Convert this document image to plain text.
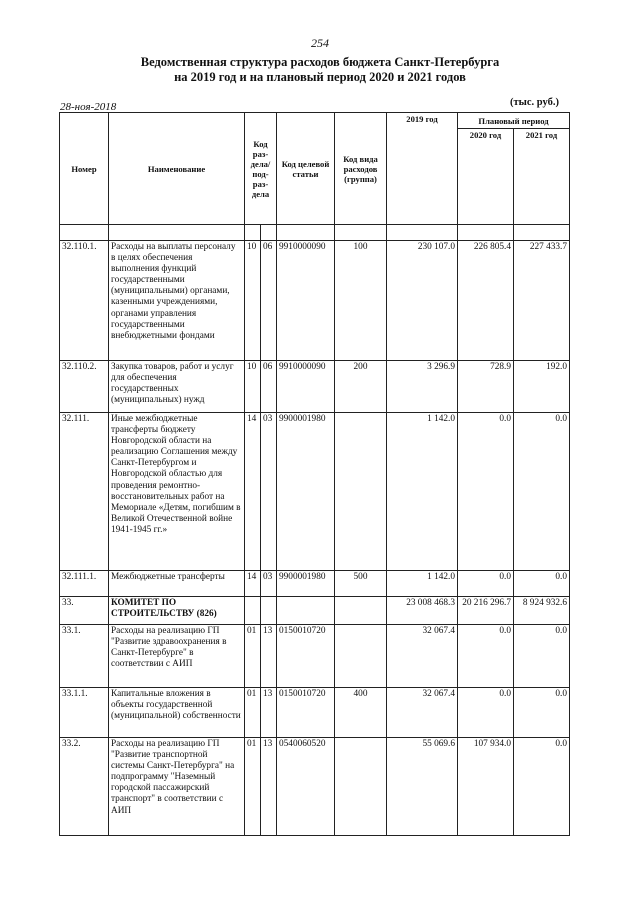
254
Ведомственная структура расходов бюджета Санкт-Петербурга
на 2019 год и на плановый период 2020 и 2021 годов
28-ноя-2018	(тыс. руб.)
Номер	Наименование	Код раз-дела/ под-раз-дела		Код целевой статьи	Код вида расходов (группа)	2019 год	Плановый период	
							2020 год	2021 год

32.110.1.	Расходы на выплаты персоналу в целях обеспечения выполнения функций государственными (муниципальными) органами, казенными учреждениями, органами управления государственными внебюджетными фондами	10	06	9910000090	100	230 107.0	226 805.4	227 433.7
32.110.2.	Закупка товаров, работ и услуг для обеспечения государственных (муниципальных) нужд	10	06	9910000090	200	3 296.9	728.9	192.0
32.111.	Иные межбюджетные трансферты бюджету Новгородской области на реализацию Соглашения между Санкт-Петербургом и Новгородской областью для проведения ремонтно-восстановительных работ на Мемориале «Детям, погибшим в Великой Отечественной войне 1941-1945 гг.»	14	03	9900001980		1 142.0	0.0	0.0
32.111.1.	Межбюджетные трансферты	14	03	9900001980	500	1 142.0	0.0	0.0
33.	КОМИТЕТ ПО СТРОИТЕЛЬСТВУ (826)					23 008 468.3	20 216 296.7	8 924 932.6
33.1.	Расходы на реализацию ГП "Развитие здравоохранения в Санкт-Петербурге" в соответствии с АИП	01	13	0150010720		32 067.4	0.0	0.0
33.1.1.	Капитальные вложения в объекты государственной (муниципальной) собственности	01	13	0150010720	400	32 067.4	0.0	0.0
33.2.	Расходы на реализацию ГП "Развитие транспортной системы Санкт-Петербурга" на подпрограмму "Наземный городской пассажирский транспорт" в соответствии с АИП	01	13	0540060520		55 069.6	107 934.0	0.0
